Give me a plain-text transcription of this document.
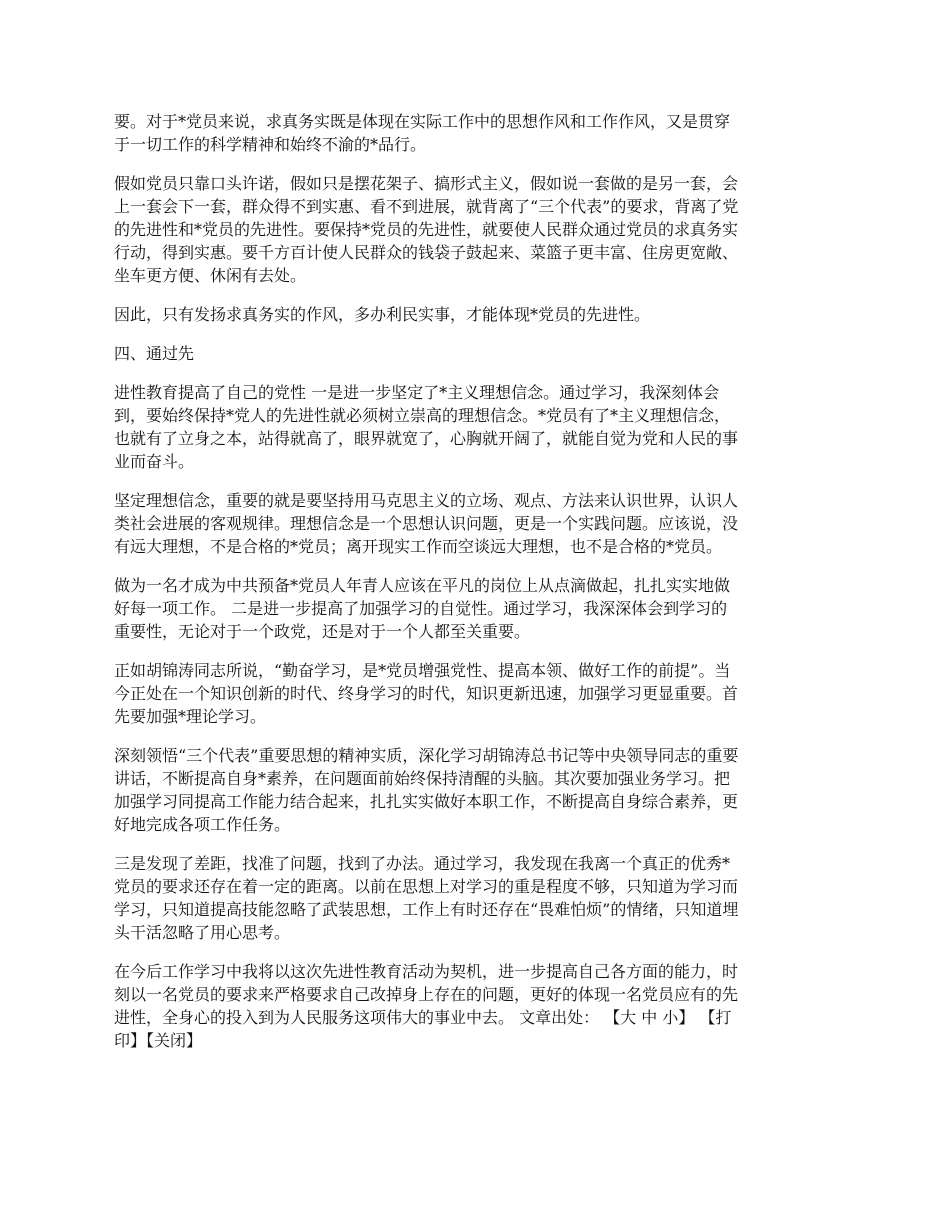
要。对于*党员来说，求真务实既是体现在实际工作中的思想作风和工作作风，又是贯穿
于一切工作的科学精神和始终不渝的*品行。

假如党员只靠口头许诺，假如只是摆花架子、搞形式主义，假如说一套做的是另一套，会
上一套会下一套，群众得不到实惠、看不到进展，就背离了“三个代表”的要求，背离了党
的先进性和*党员的先进性。要保持*党员的先进性，就要使人民群众通过党员的求真务实
行动，得到实惠。要千方百计使人民群众的钱袋子鼓起来、菜篮子更丰富、住房更宽敞、
坐车更方便、休闲有去处。

因此，只有发扬求真务实的作风，多办利民实事，才能体现*党员的先进性。

四、通过先

进性教育提高了自己的党性 一是进一步坚定了*主义理想信念。通过学习，我深刻体会
到，要始终保持*党人的先进性就必须树立崇高的理想信念。*党员有了*主义理想信念，
也就有了立身之本，站得就高了，眼界就宽了，心胸就开阔了，就能自觉为党和人民的事
业而奋斗。

坚定理想信念，重要的就是要坚持用马克思主义的立场、观点、方法来认识世界，认识人
类社会进展的客观规律。理想信念是一个思想认识问题，更是一个实践问题。应该说，没
有远大理想，不是合格的*党员；离开现实工作而空谈远大理想，也不是合格的*党员。

做为一名才成为中共预备*党员人年青人应该在平凡的岗位上从点滴做起，扎扎实实地做
好每一项工作。 二是进一步提高了加强学习的自觉性。通过学习，我深深体会到学习的
重要性，无论对于一个政党，还是对于一个人都至关重要。

正如胡锦涛同志所说，“勤奋学习，是*党员增强党性、提高本领、做好工作的前提”。当
今正处在一个知识创新的时代、终身学习的时代，知识更新迅速，加强学习更显重要。首
先要加强*理论学习。

深刻领悟“三个代表”重要思想的精神实质，深化学习胡锦涛总书记等中央领导同志的重要
讲话，不断提高自身*素养，在问题面前始终保持清醒的头脑。其次要加强业务学习。把
加强学习同提高工作能力结合起来，扎扎实实做好本职工作，不断提高自身综合素养，更
好地完成各项工作任务。

三是发现了差距，找准了问题，找到了办法。通过学习，我发现在我离一个真正的优秀*
党员的要求还存在着一定的距离。以前在思想上对学习的重是程度不够，只知道为学习而
学习，只知道提高技能忽略了武装思想，工作上有时还存在“畏难怕烦”的情绪，只知道埋
头干活忽略了用心思考。

在今后工作学习中我将以这次先进性教育活动为契机，进一步提高自己各方面的能力，时
刻以一名党员的要求来严格要求自己改掉身上存在的问题，更好的体现一名党员应有的先
进性，全身心的投入到为人民服务这项伟大的事业中去。 文章出处： 【大 中 小】 【打
印】【关闭】
